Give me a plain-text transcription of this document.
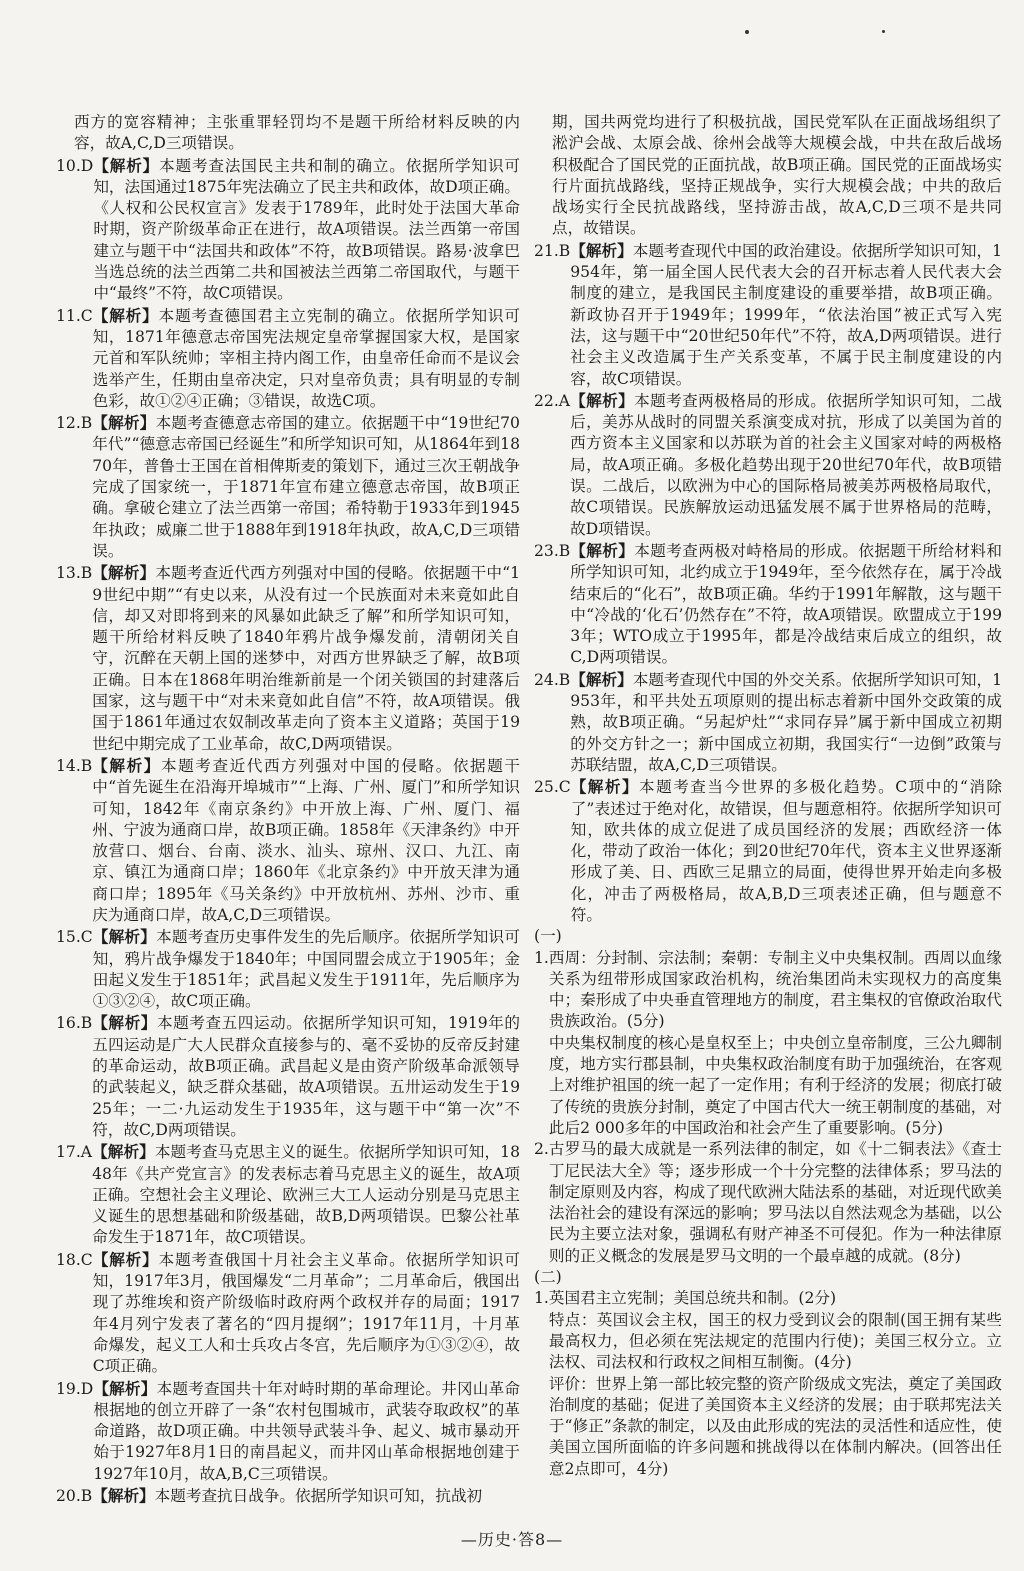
西方的宽容精神；主张重罪轻罚均不是题干所给材料反映的内容，故A,C,D三项错误。

10.D 【解析】本题考查法国民主共和制的确立。依据所学知识可知，法国通过1875年宪法确立了民主共和政体，故D项正确。《人权和公民权宣言》发表于1789年，此时处于法国大革命时期，资产阶级革命正在进行，故A项错误。法兰西第一帝国建立与题干中“法国共和政体”不符，故B项错误。路易·波拿巴当选总统的法兰西第二共和国被法兰西第二帝国取代，与题干中“最终”不符，故C项错误。
11.C 【解析】本题考查德国君主立宪制的确立。依据所学知识可知，1871年德意志帝国宪法规定皇帝掌握国家大权，是国家元首和军队统帅；宰相主持内阁工作，由皇帝任命而不是议会选举产生，任期由皇帝决定，只对皇帝负责；具有明显的专制色彩，故①②④正确；③错误，故选C项。
12.B 【解析】本题考查德意志帝国的建立。依据题干中“19世纪70年代”“德意志帝国已经诞生”和所学知识可知，从1864年到1870年，普鲁士王国在首相俾斯麦的策划下，通过三次王朝战争完成了国家统一，于1871年宣布建立德意志帝国，故B项正确。拿破仑建立了法兰西第一帝国；希特勒于1933年到1945年执政；威廉二世于1888年到1918年执政，故A,C,D三项错误。
13.B 【解析】本题考查近代西方列强对中国的侵略。依据题干中“19世纪中期”“有史以来，从没有过一个民族面对未来竟如此自信，却又对即将到来的风暴如此缺乏了解”和所学知识可知，题干所给材料反映了1840年鸦片战争爆发前，清朝闭关自守，沉醉在天朝上国的迷梦中，对西方世界缺乏了解，故B项正确。日本在1868年明治维新前是一个闭关锁国的封建落后国家，这与题干中“对未来竟如此自信”不符，故A项错误。俄国于1861年通过农奴制改革走向了资本主义道路；英国于19世纪中期完成了工业革命，故C,D两项错误。
14.B 【解析】本题考查近代西方列强对中国的侵略。依据题干中“首先诞生在沿海开埠城市”“上海、广州、厦门”和所学知识可知，1842年《南京条约》中开放上海、广州、厦门、福州、宁波为通商口岸，故B项正确。1858年《天津条约》中开放营口、烟台、台南、淡水、汕头、琼州、汉口、九江、南京、镇江为通商口岸；1860年《北京条约》中开放天津为通商口岸；1895年《马关条约》中开放杭州、苏州、沙市、重庆为通商口岸，故A,C,D三项错误。
15.C 【解析】本题考查历史事件发生的先后顺序。依据所学知识可知，鸦片战争爆发于1840年；中国同盟会成立于1905年；金田起义发生于1851年；武昌起义发生于1911年，先后顺序为①③②④，故C项正确。
16.B 【解析】本题考查五四运动。依据所学知识可知，1919年的五四运动是广大人民群众直接参与的、毫不妥协的反帝反封建的革命运动，故B项正确。武昌起义是由资产阶级革命派领导的武装起义，缺乏群众基础，故A项错误。五卅运动发生于1925年；一二·九运动发生于1935年，这与题干中“第一次”不符，故C,D两项错误。
17.A 【解析】本题考查马克思主义的诞生。依据所学知识可知，1848年《共产党宣言》的发表标志着马克思主义的诞生，故A项正确。空想社会主义理论、欧洲三大工人运动分别是马克思主义诞生的思想基础和阶级基础，故B,D两项错误。巴黎公社革命发生于1871年，故C项错误。
18.C 【解析】本题考查俄国十月社会主义革命。依据所学知识可知，1917年3月，俄国爆发“二月革命”；二月革命后，俄国出现了苏维埃和资产阶级临时政府两个政权并存的局面；1917年4月列宁发表了著名的“四月提纲”；1917年11月，十月革命爆发，起义工人和士兵攻占冬宫，先后顺序为①③②④，故C项正确。
19.D 【解析】本题考查国共十年对峙时期的革命理论。井冈山革命根据地的创立开辟了一条“农村包围城市，武装夺取政权”的革命道路，故D项正确。中共领导武装斗争、起义、城市暴动开始于1927年8月1日的南昌起义，而井冈山革命根据地创建于1927年10月，故A,B,C三项错误。
20.B 【解析】本题考查抗日战争。依据所学知识可知，抗战初

期，国共两党均进行了积极抗战，国民党军队在正面战场组织了淞沪会战、太原会战、徐州会战等大规模会战，中共在敌后战场积极配合了国民党的正面抗战，故B项正确。国民党的正面战场实行片面抗战路线，坚持正规战争，实行大规模会战；中共的敌后战场实行全民抗战路线，坚持游击战，故A,C,D三项不是共同点，故错误。

21.B 【解析】本题考查现代中国的政治建设。依据所学知识可知，1954年，第一届全国人民代表大会的召开标志着人民代表大会制度的建立，是我国民主制度建设的重要举措，故B项正确。新政协召开于1949年；1999年，“依法治国”被正式写入宪法，这与题干中“20世纪50年代”不符，故A,D两项错误。进行社会主义改造属于生产关系变革，不属于民主制度建设的内容，故C项错误。
22.A 【解析】本题考查两极格局的形成。依据所学知识可知，二战后，美苏从战时的同盟关系演变成对抗，形成了以美国为首的西方资本主义国家和以苏联为首的社会主义国家对峙的两极格局，故A项正确。多极化趋势出现于20世纪70年代，故B项错误。二战后，以欧洲为中心的国际格局被美苏两极格局取代，故C项错误。民族解放运动迅猛发展不属于世界格局的范畴，故D项错误。
23.B 【解析】本题考查两极对峙格局的形成。依据题干所给材料和所学知识可知，北约成立于1949年，至今依然存在，属于冷战结束后的“化石”，故B项正确。华约于1991年解散，这与题干中“冷战的‘化石’仍然存在”不符，故A项错误。欧盟成立于1993年；WTO成立于1995年，都是冷战结束后成立的组织，故C,D两项错误。
24.B 【解析】本题考查现代中国的外交关系。依据所学知识可知，1953年，和平共处五项原则的提出标志着新中国外交政策的成熟，故B项正确。“另起炉灶”“求同存异”属于新中国成立初期的外交方针之一；新中国成立初期，我国实行“一边倒”政策与苏联结盟，故A,C,D三项错误。
25.C 【解析】本题考查当今世界的多极化趋势。C项中的“消除了”表述过于绝对化，故错误，但与题意相符。依据所学知识可知，欧共体的成立促进了成员国经济的发展；西欧经济一体化，带动了政治一体化；到20世纪70年代，资本主义世界逐渐形成了美、日、西欧三足鼎立的局面，使得世界开始走向多极化，冲击了两极格局，故A,B,D三项表述正确，但与题意不符。

(一)

1. 西周：分封制、宗法制；秦朝：专制主义中央集权制。西周以血缘关系为纽带形成国家政治机构，统治集团尚未实现权力的高度集中；秦形成了中央垂直管理地方的制度，君主集权的官僚政治取代贵族政治。(5分)
中央集权制度的核心是皇权至上；中央创立皇帝制度，三公九卿制度，地方实行郡县制，中央集权政治制度有助于加强统治，在客观上对维护祖国的统一起了一定作用；有利于经济的发展；彻底打破了传统的贵族分封制，奠定了中国古代大一统王朝制度的基础，对此后2 000多年的中国政治和社会产生了重要影响。(5分)
2. 古罗马的最大成就是一系列法律的制定，如《十二铜表法》《查士丁尼民法大全》等；逐步形成一个十分完整的法律体系；罗马法的制定原则及内容，构成了现代欧洲大陆法系的基础，对近现代欧美法治社会的建设有深远的影响；罗马法以自然法观念为基础，以公民为主要立法对象，强调私有财产神圣不可侵犯。作为一种法律原则的正义概念的发展是罗马文明的一个最卓越的成就。(8分)

(二)

1. 英国君主立宪制；美国总统共和制。(2分)
特点：英国议会主权，国王的权力受到议会的限制(国王拥有某些最高权力，但必须在宪法规定的范围内行使)；美国三权分立。立法权、司法权和行政权之间相互制衡。(4分)
评价：世界上第一部比较完整的资产阶级成文宪法，奠定了美国政治制度的基础；促进了美国资本主义经济的发展；由于联邦宪法关于“修正”条款的制定，以及由此形成的宪法的灵活性和适应性，使美国立国所面临的许多问题和挑战得以在体制内解决。(回答出任意2点即可，4分)
—历史·答8—
